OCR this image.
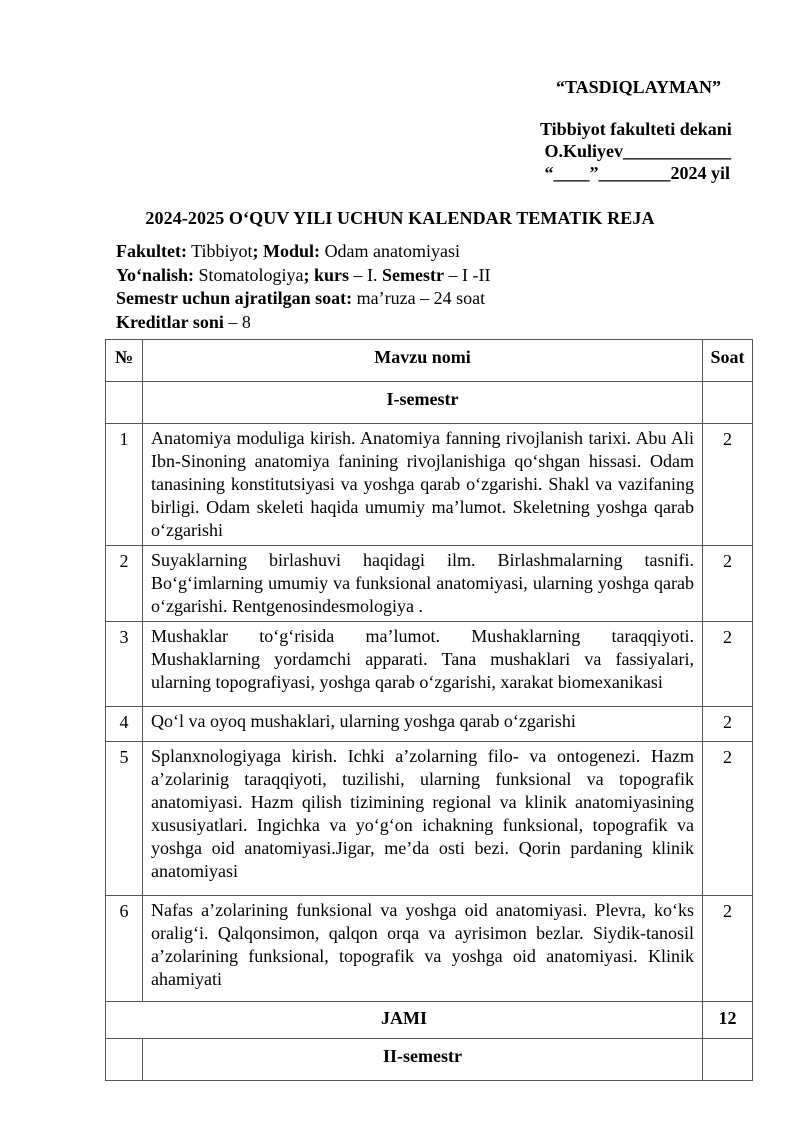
“TASDIQLAYMAN”
Tibbiyot fakulteti dekani
O.Kuliyev____________
“____”________2024 yil
2024-2025 O‘QUV YILI UCHUN KALENDAR TEMATIK REJA
Fakultet: Tibbiyot; Modul: Odam anatomiyasi
Yo‘nalish: Stomatologiya; kurs – I. Semestr – I -II
Semestr uchun ajratilgan soat: ma’ruza – 24 soat
Kreditlar soni – 8
№	Mavzu nomi	Soat
	I-semestr	
1	Anatomiya moduliga kirish. Anatomiya fanning rivojlanish tarixi. Abu Ali Ibn-Sinoning anatomiya fanining rivojlanishiga qo‘shgan hissasi. Odam tanasining konstitutsiyasi va yoshga qarab o‘zgarishi. Shakl va vazifaning birligi. Odam skeleti haqida umumiy ma’lumot. Skeletning yoshga qarab o‘zgarishi	2
2	Suyaklarning birlashuvi haqidagi ilm. Birlashmalarning tasnifi. Bo‘g‘imlarning umumiy va funksional anatomiyasi, ularning yoshga qarab o‘zgarishi. Rentgenosindesmologiya .	2
3	Mushaklar to‘g‘risida ma’lumot. Mushaklarning taraqqiyoti. Mushaklarning yordamchi apparati. Tana mushaklari va fassiyalari, ularning topografiyasi, yoshga qarab o‘zgarishi, xarakat biomexanikasi	2
4	Qo‘l va oyoq mushaklari, ularning yoshga qarab o‘zgarishi	2
5	Splanxnologiyaga kirish. Ichki a’zolarning filo- va ontogenezi. Hazm a’zolarinig taraqqiyoti, tuzilishi, ularning funksional va topografik anatomiyasi. Hazm qilish tizimining regional va klinik anatomiyasining xususiyatlari. Ingichka va yo‘g‘on ichakning funksional, topografik va yoshga oid anatomiyasi.Jigar, me’da osti bezi. Qorin pardaning klinik anatomiyasi	2
6	Nafas a’zolarining funksional va yoshga oid anatomiyasi. Plevra, ko‘ks oralig‘i. Qalqonsimon, qalqon orqa va ayrisimon bezlar. Siydik-tanosil a’zolarining funksional, topografik va yoshga oid anatomiyasi. Klinik ahamiyati	2
JAMI		12
	II-semestr	
